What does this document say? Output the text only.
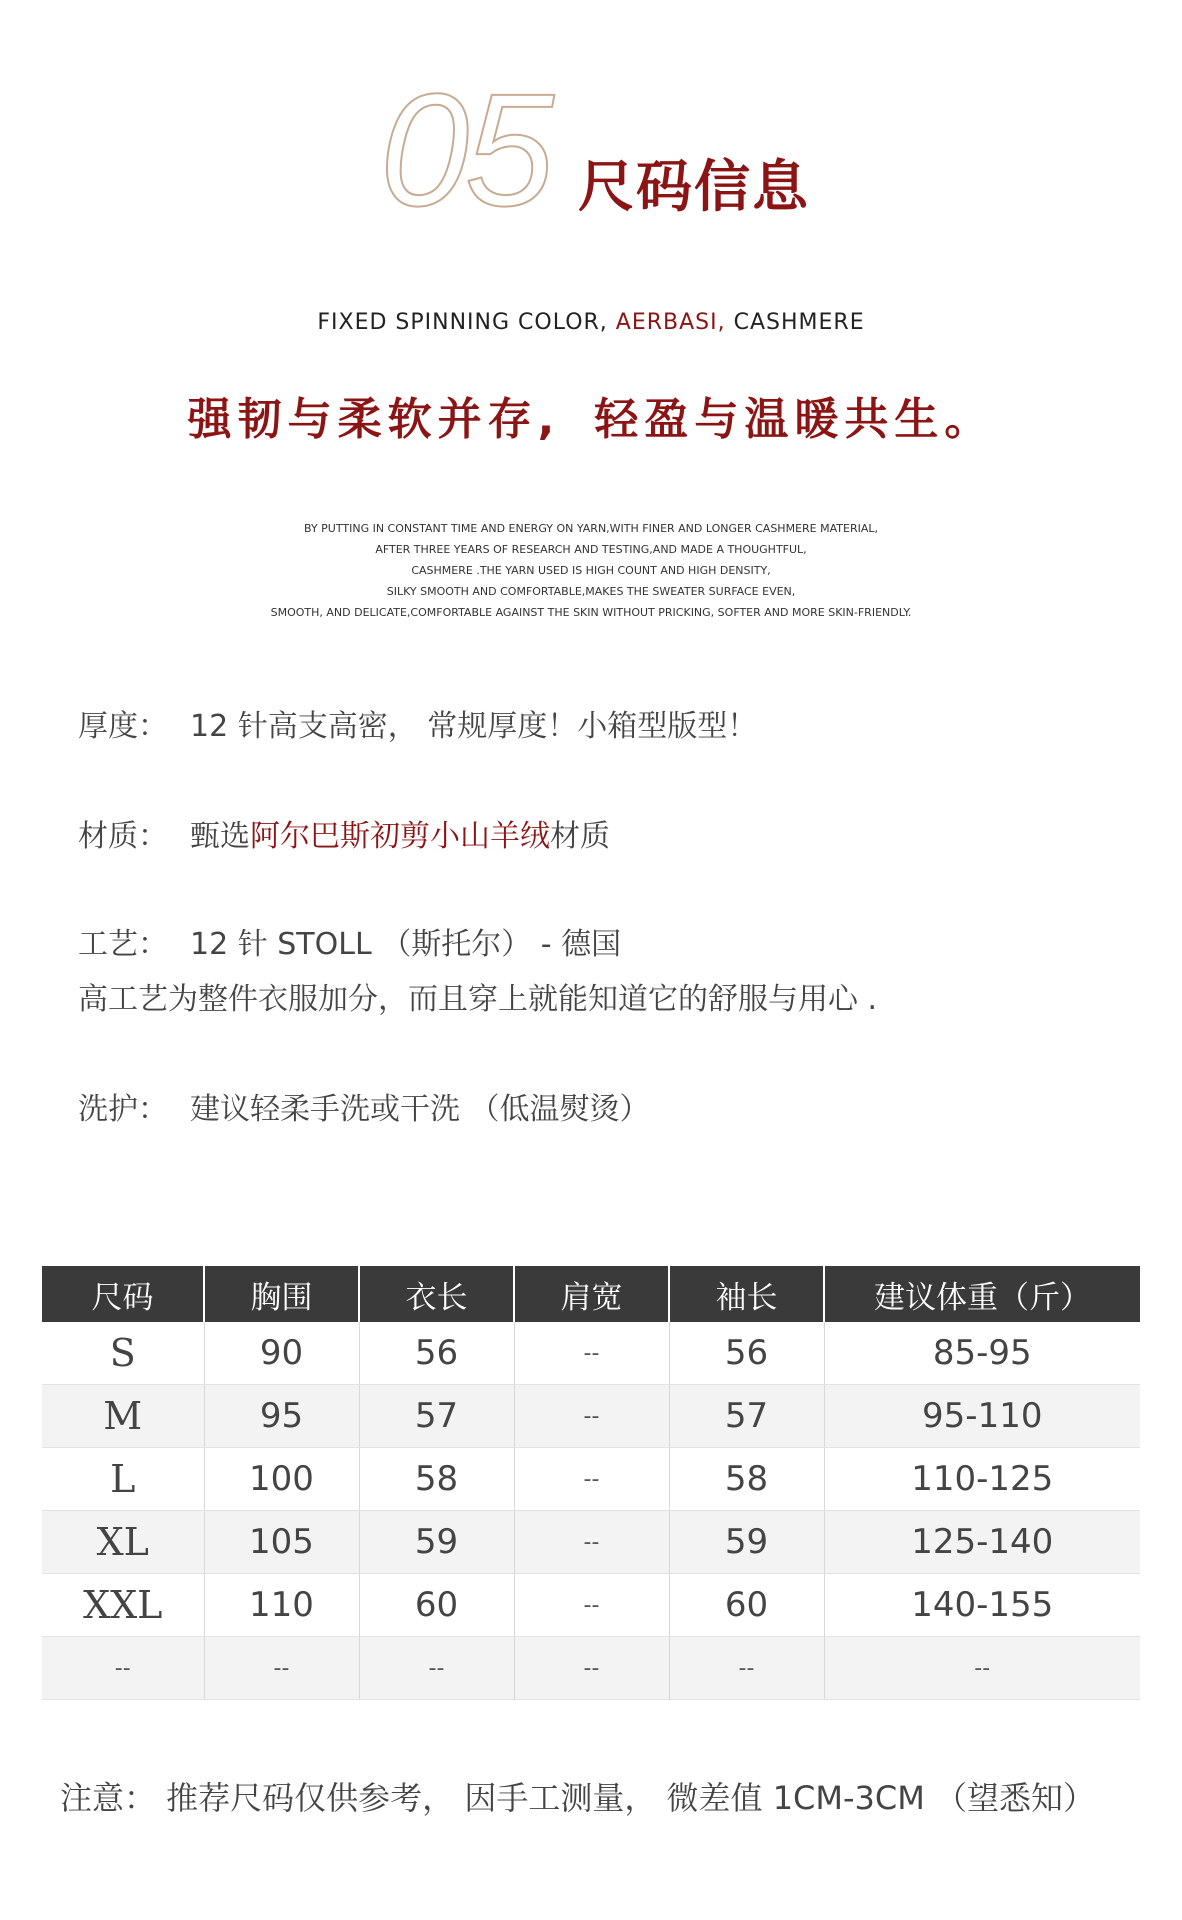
05 尺码信息
FIXED SPINNING COLOR, AERBASI, CASHMERE
强韧与柔软并存, 轻盈与温暖共生。
BY PUTTING IN CONSTANT TIME AND ENERGY ON YARN,WITH FINER AND LONGER CASHMERE MATERIAL,
AFTER THREE YEARS OF RESEARCH AND TESTING,AND MADE A THOUGHTFUL,
CASHMERE .THE YARN USED IS HIGH COUNT AND HIGH DENSITY,
SILKY SMOOTH AND COMFORTABLE,MAKES THE SWEATER SURFACE EVEN,
SMOOTH, AND DELICATE,COMFORTABLE AGAINST THE SKIN WITHOUT PRICKING, SOFTER AND MORE SKIN-FRIENDLY.
厚度： 12 针高支高密， 常规厚度！小箱型版型！
材质： 甄选阿尔巴斯初剪小山羊绒材质
工艺： 12 针 STOLL （斯托尔） - 德国
高工艺为整件衣服加分，而且穿上就能知道它的舒服与用心 .
洗护： 建议轻柔手洗或干洗 （低温熨烫）
尺码	胸围	衣长	肩宽	袖长	建议体重（斤）
S	90	56	--	56	85-95
M	95	57	--	57	95-110
L	100	58	--	58	110-125
XL	105	59	--	59	125-140
XXL	110	60	--	60	140-155
--	--	--	--	--	--
注意： 推荐尺码仅供参考， 因手工测量， 微差值 1CM-3CM （望悉知）
